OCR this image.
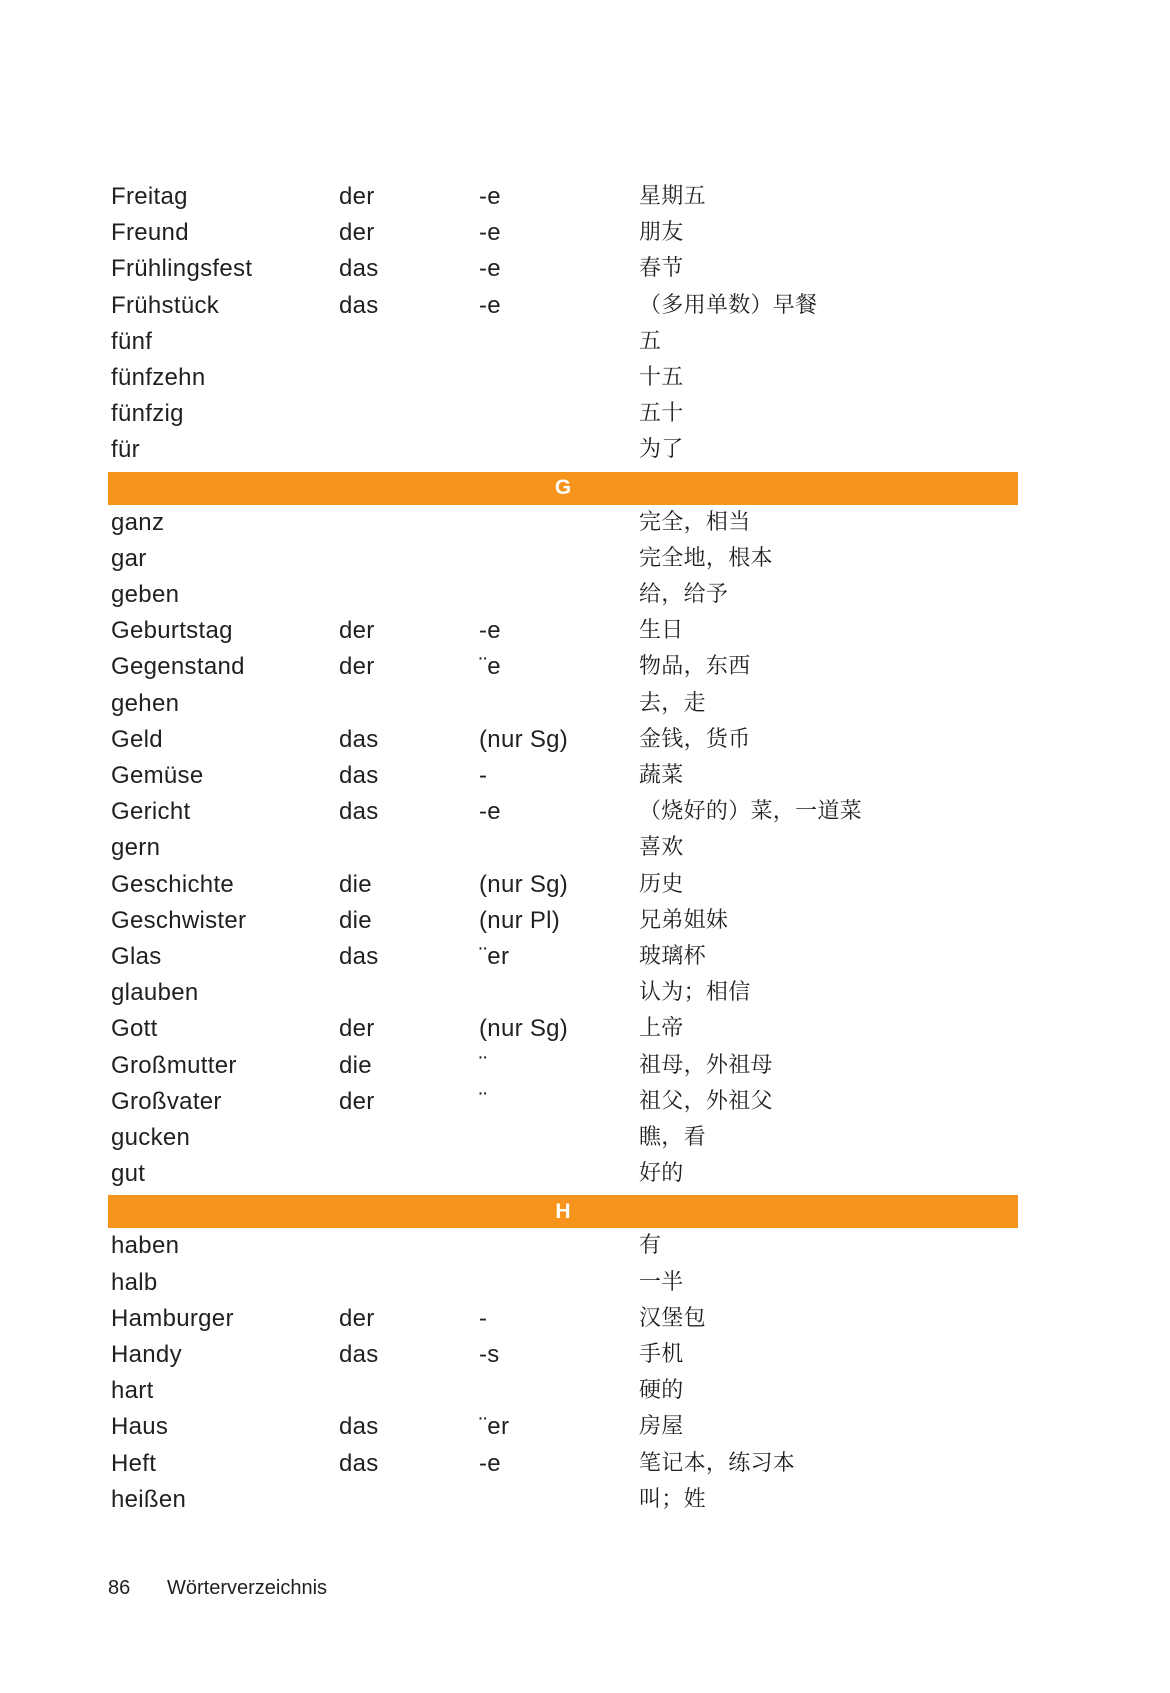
Freitag	der	-e	星期五
Freund	der	-e	朋友
Frühlingsfest	das	-e	春节
Frühstück	das	-e	（多用单数）早餐
fünf	五
fünfzehn	十五
fünfzig	五十
für	为了
G
ganz	完全，相当
gar	完全地，根本
geben	给，给予
Geburtstag	der	-e	生日
Gegenstand	der	¨e	物品，东西
gehen	去，走
Geld	das	(nur Sg)	金钱，货币
Gemüse	das	-	蔬菜
Gericht	das	-e	（烧好的）菜，一道菜
gern	喜欢
Geschichte	die	(nur Sg)	历史
Geschwister	die	(nur Pl)	兄弟姐妹
Glas	das	¨er	玻璃杯
glauben	认为；相信
Gott	der	(nur Sg)	上帝
Großmutter	die	¨	祖母，外祖母
Großvater	der	¨	祖父，外祖父
gucken	瞧，看
gut	好的
H
haben	有
halb	一半
Hamburger	der	-	汉堡包
Handy	das	-s	手机
hart	硬的
Haus	das	¨er	房屋
Heft	das	-e	笔记本，练习本
heißen	叫；姓
86 Wörterverzeichnis
